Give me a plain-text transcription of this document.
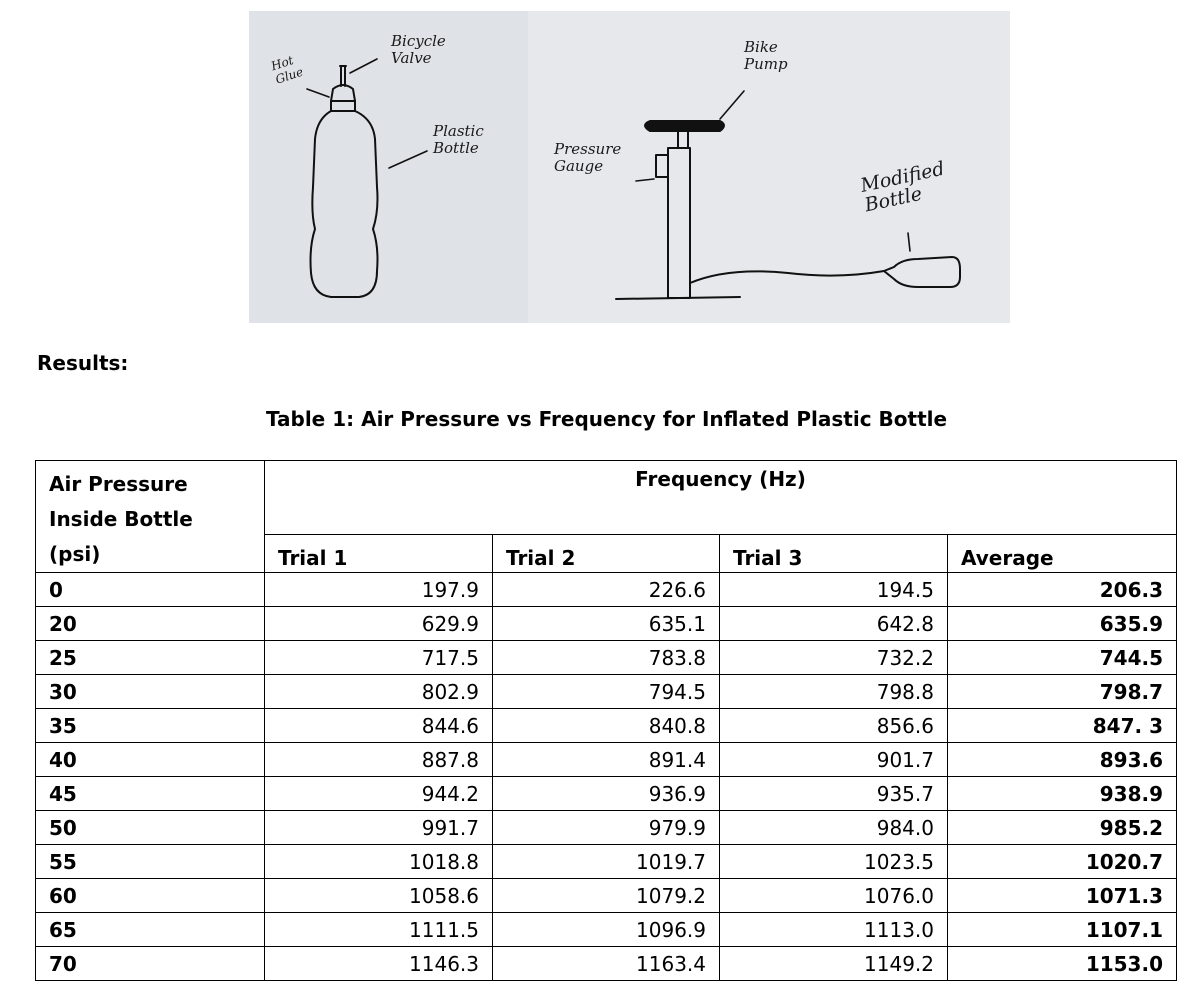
Bicycle
Valve
Hot
Glue
Plastic
Bottle
Bike
Pump
Pressure
Gauge	Modified
Bottle
Results:
Table 1: Air Pressure vs Frequency for Inflated Plastic Bottle
Air Pressure
Inside Bottle
(psi)	Frequency (Hz)			
	Trial 1	Trial 2	Trial 3	Average
0	197.9	226.6	194.5	206.3
20	629.9	635.1	642.8	635.9
25	717.5	783.8	732.2	744.5
30	802.9	794.5	798.8	798.7
35	844.6	840.8	856.6	847. 3
40	887.8	891.4	901.7	893.6
45	944.2	936.9	935.7	938.9
50	991.7	979.9	984.0	985.2
55	1018.8	1019.7	1023.5	1020.7
60	1058.6	1079.2	1076.0	1071.3
65	1111.5	1096.9	1113.0	1107.1
70	1146.3	1163.4	1149.2	1153.0
